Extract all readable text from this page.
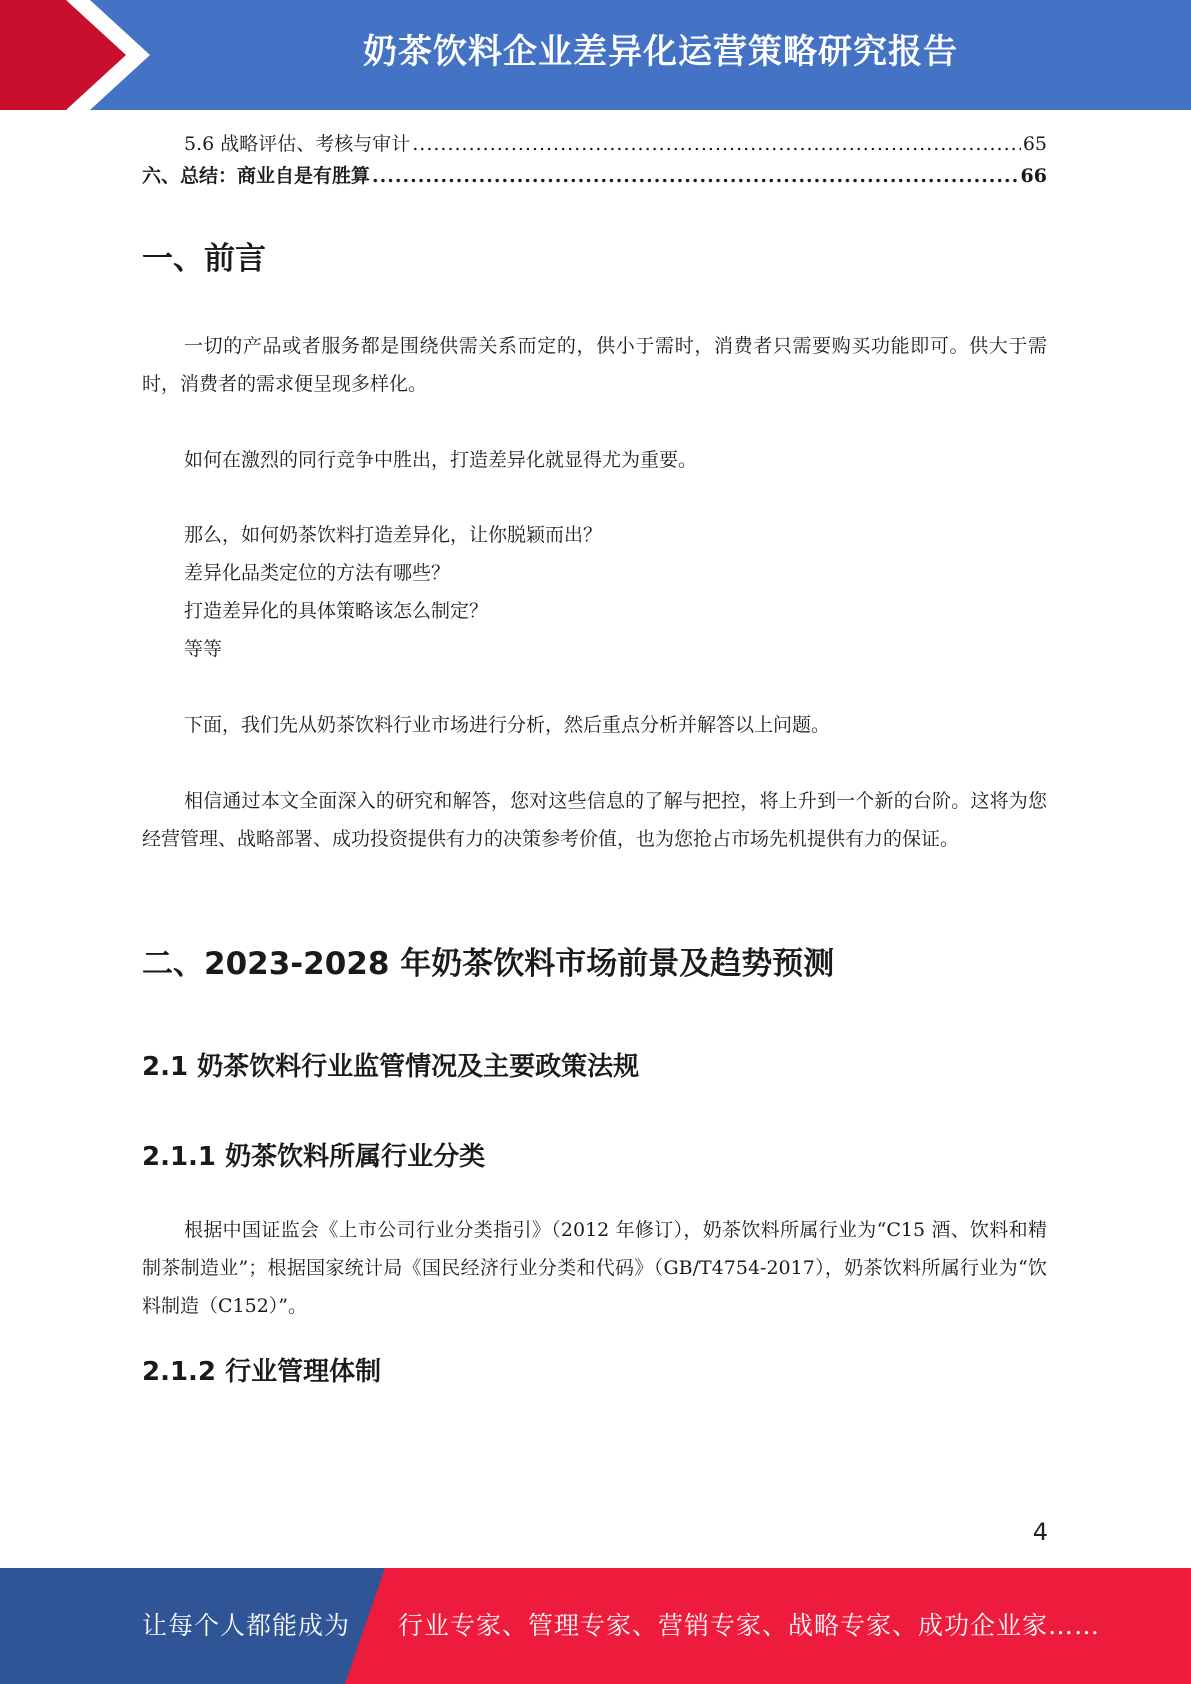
奶茶饮料企业差异化运营策略研究报告
5.6 战略评估、考核与审计 .....	65
六、总结：商业自是有胜算 .....	66
一、前言

一切的产品或者服务都是围绕供需关系而定的，供小于需时，消费者只需要购买功能即可。供大于需时，消费者的需求便呈现多样化。

如何在激烈的同行竞争中胜出，打造差异化就显得尤为重要。

那么，如何奶茶饮料打造差异化，让你脱颖而出？
差异化品类定位的方法有哪些？
打造差异化的具体策略该怎么制定？
等等

下面，我们先从奶茶饮料行业市场进行分析，然后重点分析并解答以上问题。

相信通过本文全面深入的研究和解答，您对这些信息的了解与把控，将上升到一个新的台阶。这将为您经营管理、战略部署、成功投资提供有力的决策参考价值，也为您抢占市场先机提供有力的保证。

二、2023-2028 年奶茶饮料市场前景及趋势预测
2.1 奶茶饮料行业监管情况及主要政策法规
2.1.1 奶茶饮料所属行业分类

根据中国证监会《上市公司行业分类指引》（2012 年修订），奶茶饮料所属行业为“C15 酒、饮料和精制茶制造业”；根据国家统计局《国民经济行业分类和代码》（GB/T4754-2017），奶茶饮料所属行业为“饮料制造（C152）”。

2.1.2 行业管理体制
4
让每个人都能成为 行业专家、管理专家、营销专家、战略专家、成功企业家……
